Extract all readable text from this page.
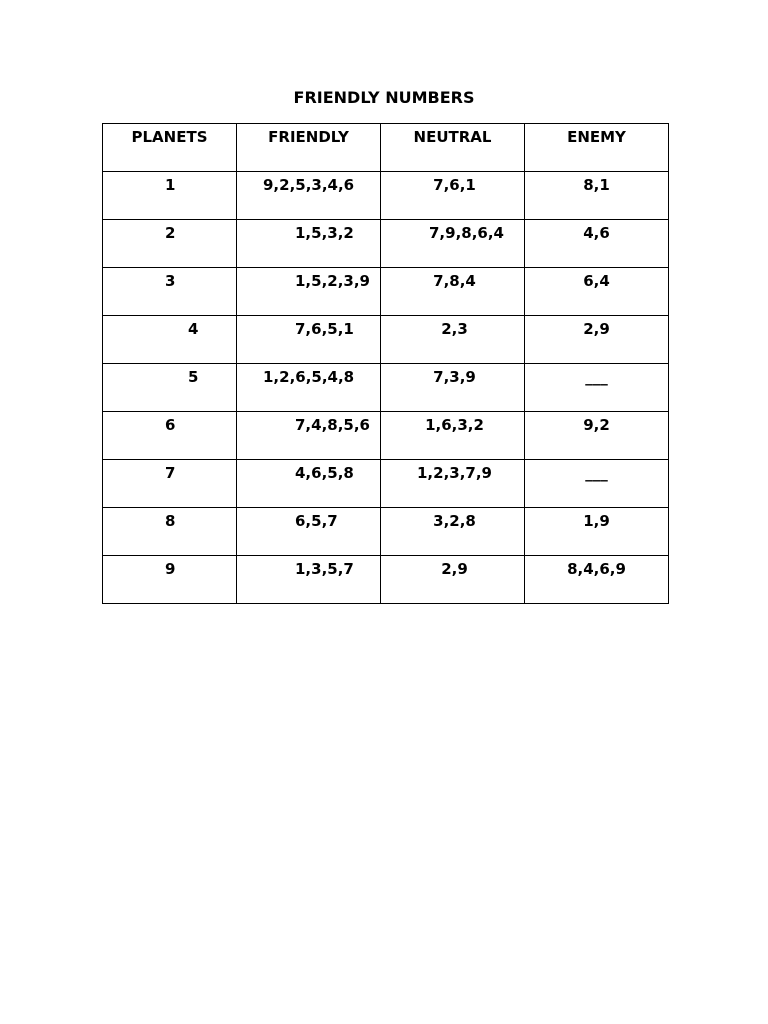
FRIENDLY NUMBERS
PLANETS	FRIENDLY	NEUTRAL	ENEMY

1	9,2,5,3,4,6	7,6,1	8,1

2	1,5,3,2	7,9,8,6,4	4,6

3	1,5,2,3,9	7,8,4	6,4

4	7,6,5,1	2,3	2,9

5	1,2,6,5,4,8	7,3,9	___

6	7,4,8,5,6	1,6,3,2	9,2

7	4,6,5,8	1,2,3,7,9	___

8	6,5,7	3,2,8	1,9

9	1,3,5,7	2,9	8,4,6,9
